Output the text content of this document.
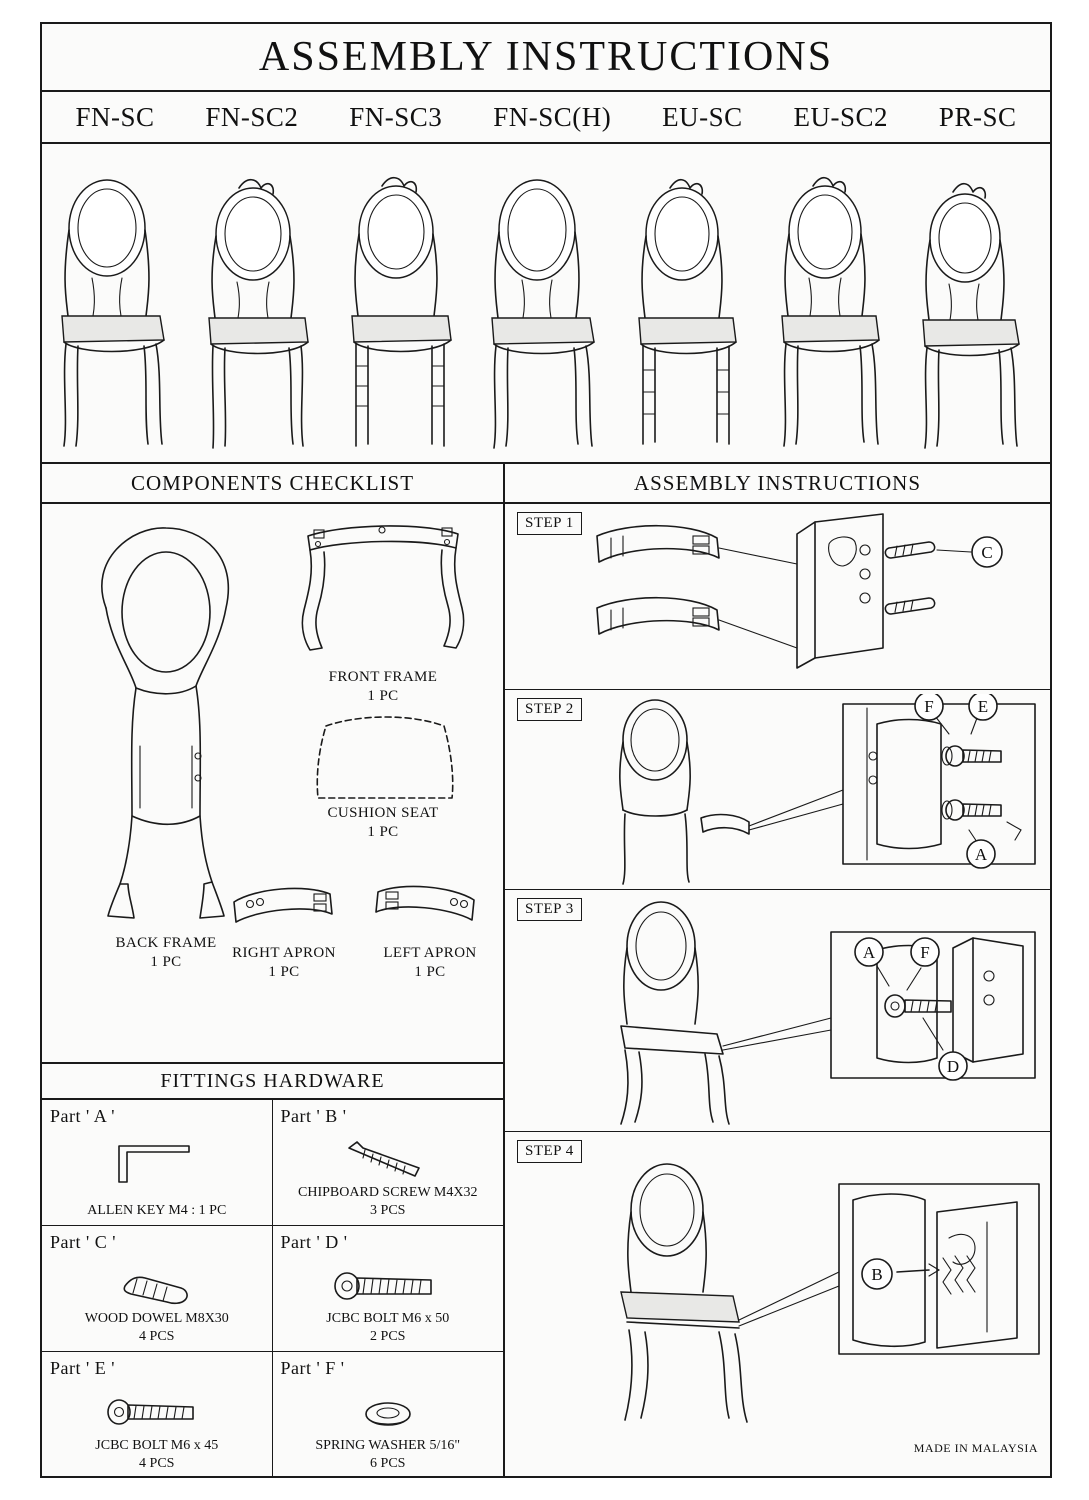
ASSEMBLY INSTRUCTIONS
FN-SC FN-SC2 FN-SC3 FN-SC(H) EU-SC EU-SC2 PR-SC
COMPONENTS CHECKLIST
BACK FRAME
1 PC
FRONT FRAME
1 PC
CUSHION SEAT
1 PC
RIGHT APRON
1 PC
LEFT APRON
1 PC
FITTINGS HARDWARE
Part ' A '
ALLEN KEY M4 : 1 PC
Part ' B '
CHIPBOARD SCREW M4X32
3 PCS
Part ' C '
WOOD DOWEL M8X30
4 PCS
Part ' D '
JCBC BOLT M6 x 50
2 PCS
Part ' E '
JCBC BOLT M6 x 45
4 PCS
Part ' F '
SPRING WASHER 5/16"
6 PCS
ASSEMBLY INSTRUCTIONS
STEP 1
C
STEP 2	F	E
A
STEP 3
A	F
D
STEP 4
B
MADE IN MALAYSIA
